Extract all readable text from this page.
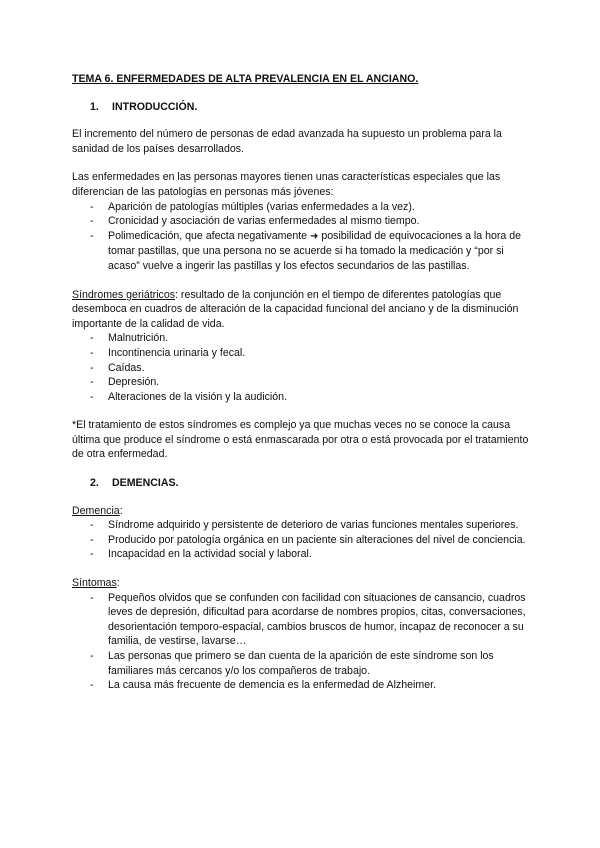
TEMA 6. ENFERMEDADES DE ALTA PREVALENCIA EN EL ANCIANO.

1.	INTRODUCCIÓN.

El incremento del número de personas de edad avanzada ha supuesto un problema para la sanidad de los países desarrollados.

Las enfermedades en las personas mayores tienen unas características especiales que las diferencian de las patologías en personas más jóvenes:

- Aparición de patologías múltiples (varias enfermedades a la vez).
- Cronicidad y asociación de varias enfermedades al mismo tiempo.
- Polimedicación, que afecta negativamente ➜ posibilidad de equivocaciones a la hora de tomar pastillas, que una persona no se acuerde si ha tomado la medicación y “por si acaso” vuelve a ingerir las pastillas y los efectos secundarios de las pastillas.

Síndromes geriátricos: resultado de la conjunción en el tiempo de diferentes patologías que desemboca en cuadros de alteración de la capacidad funcional del anciano y de la disminución importante de la calidad de vida.

- Malnutrición.
- Incontinencia urinaria y fecal.
- Caídas.
- Depresión.
- Alteraciones de la visión y la audición.

*El tratamiento de estos síndromes es complejo ya que muchas veces no se conoce la causa última que produce el síndrome o está enmascarada por otra o está provocada por el tratamiento de otra enfermedad.

2.	DEMENCIAS.

Demencia:

- Síndrome adquirido y persistente de deterioro de varias funciones mentales superiores.
- Producido por patología orgánica en un paciente sin alteraciones del nivel de conciencia.
- Incapacidad en la actividad social y laboral.

Síntomas:

- Pequeños olvidos que se confunden con facilidad con situaciones de cansancio, cuadros leves de depresión, dificultad para acordarse de nombres propios, citas, conversaciones, desorientación temporo-espacial, cambios bruscos de humor, incapaz de reconocer a su familia, de vestirse, lavarse…
- Las personas que primero se dan cuenta de la aparición de este síndrome son los familiares más cercanos y/o los compañeros de trabajo.
- La causa más frecuente de demencia es la enfermedad de Alzheimer.
